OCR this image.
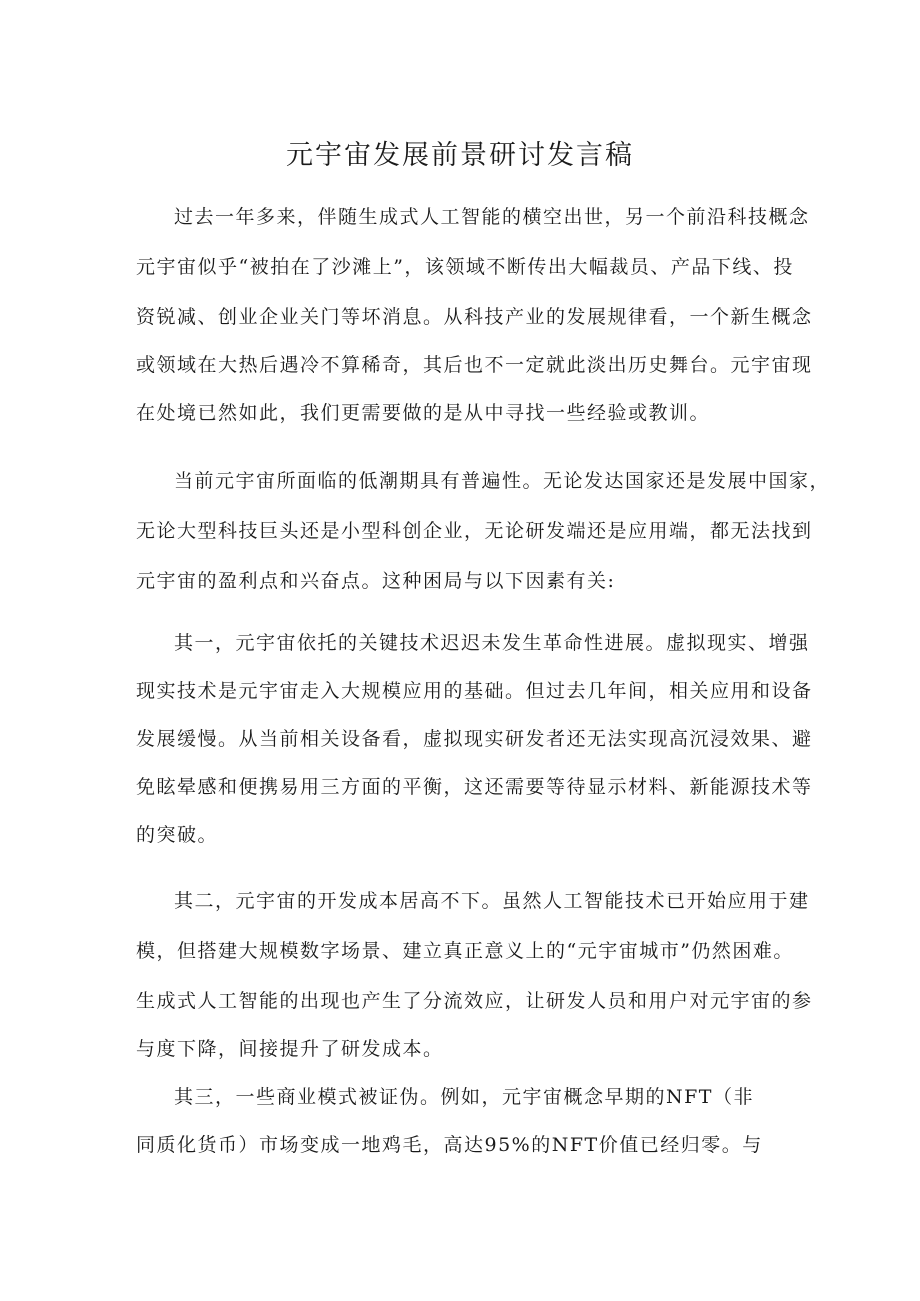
元宇宙发展前景研讨发言稿
过去一年多来，伴随生成式人工智能的横空出世，另一个前沿科技概念
元宇宙似乎“被拍在了沙滩上”，该领域不断传出大幅裁员、产品下线、投
资锐减、创业企业关门等坏消息。从科技产业的发展规律看，一个新生概念
或领域在大热后遇冷不算稀奇，其后也不一定就此淡出历史舞台。元宇宙现
在处境已然如此，我们更需要做的是从中寻找一些经验或教训。
当前元宇宙所面临的低潮期具有普遍性。无论发达国家还是发展中国家，
无论大型科技巨头还是小型科创企业，无论研发端还是应用端，都无法找到
元宇宙的盈利点和兴奋点。这种困局与以下因素有关:
其一，元宇宙依托的关键技术迟迟未发生革命性进展。虚拟现实、增强
现实技术是元宇宙走入大规模应用的基础。但过去几年间，相关应用和设备
发展缓慢。从当前相关设备看，虚拟现实研发者还无法实现高沉浸效果、避
免眩晕感和便携易用三方面的平衡，这还需要等待显示材料、新能源技术等
的突破。
其二，元宇宙的开发成本居高不下。虽然人工智能技术已开始应用于建
模，但搭建大规模数字场景、建立真正意义上的“元宇宙城市”仍然困难。
生成式人工智能的出现也产生了分流效应，让研发人员和用户对元宇宙的参
与度下降，间接提升了研发成本。
其三，一些商业模式被证伪。例如，元宇宙概念早期的NFT（非
同质化货币）市场变成一地鸡毛，高达95%的NFT价值已经归零。与
